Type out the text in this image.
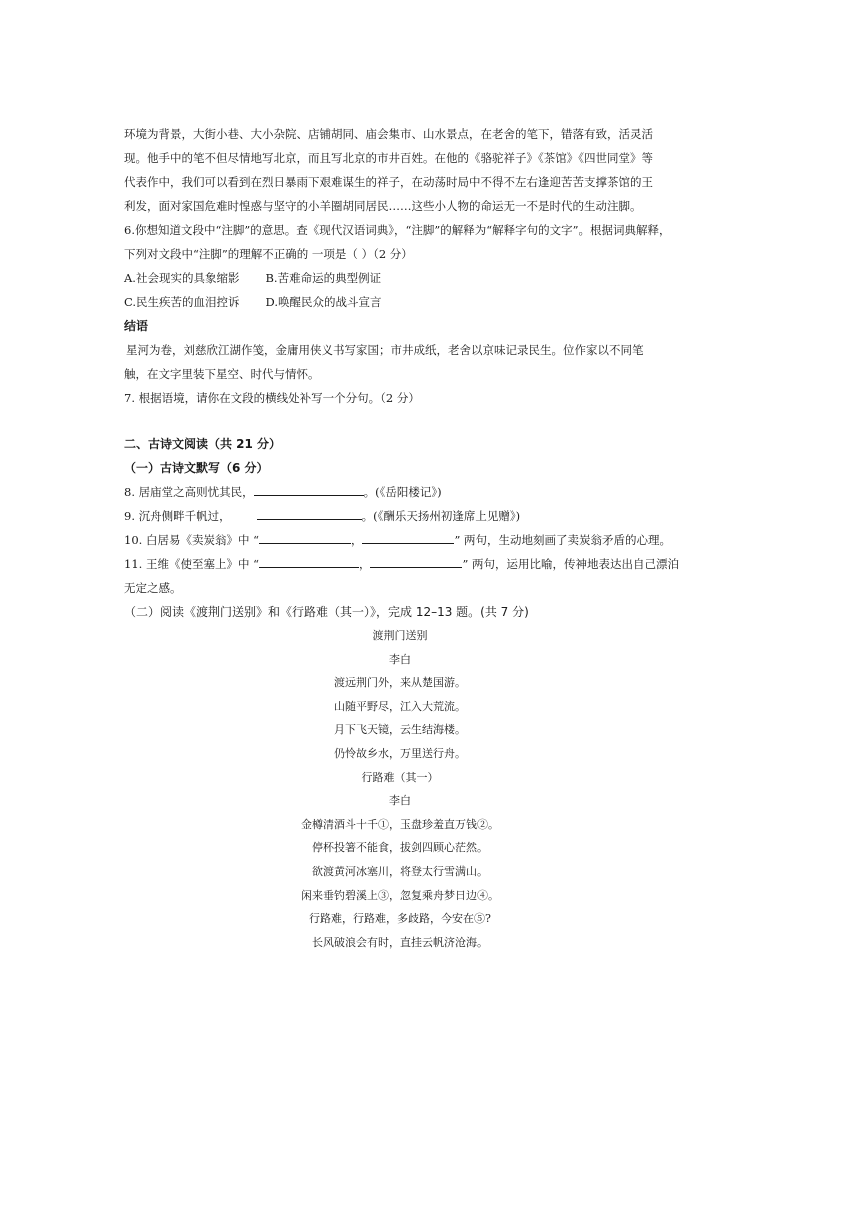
环境为背景，大街小巷、大小杂院、店铺胡同、庙会集市、山水景点，在老舍的笔下，错落有致，活灵活

现。他手中的笔不但尽情地写北京，而且写北京的市井百姓。在他的《骆驼祥子》《茶馆》《四世同堂》等

代表作中，我们可以看到在烈日暴雨下艰难谋生的祥子，在动荡时局中不得不左右逢迎苦苦支撑茶馆的王

利发，面对家国危难时惶惑与坚守的小羊圈胡同居民……这些小人物的命运无一不是时代的生动注脚。

6.你想知道文段中“注脚”的意思。查《现代汉语词典》，“注脚”的解释为“解释字句的文字”。根据词典解释，

下列对文段中“注脚”的理解不正确的 一项是（ ）（2 分）

A.社会现实的具象缩影 B.苦难命运的典型例证

C.民生疾苦的血泪控诉 D.唤醒民众的战斗宣言

结语

星河为卷，刘慈欣江湖作笺，金庸用侠义书写家国；市井成纸，老舍以京味记录民生。位作家以不同笔

触，在文字里装下星空、时代与情怀。

7. 根据语境，请你在文段的横线处补写一个分句。（2 分）

二、古诗文阅读（共 21 分）

（一）古诗文默写（6 分）

8. 居庙堂之高则忧其民，	。(《岳阳楼记》)

9. 沉舟侧畔千帆过，	。(《酬乐天扬州初逢席上见赠》)

10. 白居易《卖炭翁》中 “	，	” 两句，生动地刻画了卖炭翁矛盾的心理。

11. 王维《使至塞上》中 “	，	” 两句，运用比喻，传神地表达出自己漂泊

无定之感。

（二）阅读《渡荆门送别》和《行路难（其一）》，完成 12–13 题。(共 7 分)

渡荆门送别

李白

渡远荆门外，来从楚国游。

山随平野尽，江入大荒流。

月下飞天镜，云生结海楼。

仍怜故乡水，万里送行舟。

行路难（其一）

李白

金樽清酒斗十千①，玉盘珍羞直万钱②。

停杯投箸不能食，拔剑四顾心茫然。

欲渡黄河冰塞川，将登太行雪满山。

闲来垂钓碧溪上③，忽复乘舟梦日边④。

行路难，行路难，多歧路，今安在⑤?

长风破浪会有时，直挂云帆济沧海。
